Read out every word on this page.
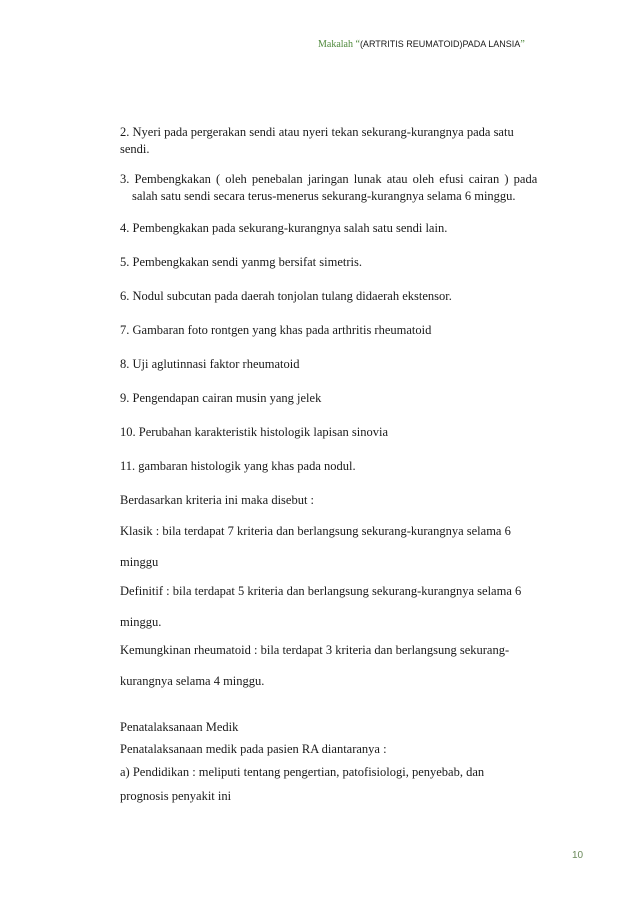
Makalah “(ARTRITIS REUMATOID)PADA LANSIA”
2. Nyeri pada pergerakan sendi atau nyeri tekan sekurang-kurangnya pada satu
sendi.
3. Pembengkakan ( oleh penebalan jaringan lunak atau oleh efusi cairan ) pada
salah satu sendi secara terus-menerus sekurang-kurangnya selama 6 minggu.
4. Pembengkakan pada sekurang-kurangnya salah satu sendi lain.
5. Pembengkakan sendi yanmg bersifat simetris.
6. Nodul subcutan pada daerah tonjolan tulang didaerah ekstensor.
7. Gambaran foto rontgen yang khas pada arthritis rheumatoid
8. Uji aglutinnasi faktor rheumatoid
9. Pengendapan cairan musin yang jelek
10. Perubahan karakteristik histologik lapisan sinovia
11. gambaran histologik yang khas pada nodul.
Berdasarkan kriteria ini maka disebut :
Klasik : bila terdapat 7 kriteria dan berlangsung sekurang-kurangnya selama 6
minggu
Definitif : bila terdapat 5 kriteria dan berlangsung sekurang-kurangnya selama 6
minggu.
Kemungkinan rheumatoid : bila terdapat 3 kriteria dan berlangsung sekurang-
kurangnya selama 4 minggu.
Penatalaksanaan Medik
Penatalaksanaan medik pada pasien RA diantaranya :
a) Pendidikan : meliputi tentang pengertian, patofisiologi, penyebab, dan
prognosis penyakit ini
10
